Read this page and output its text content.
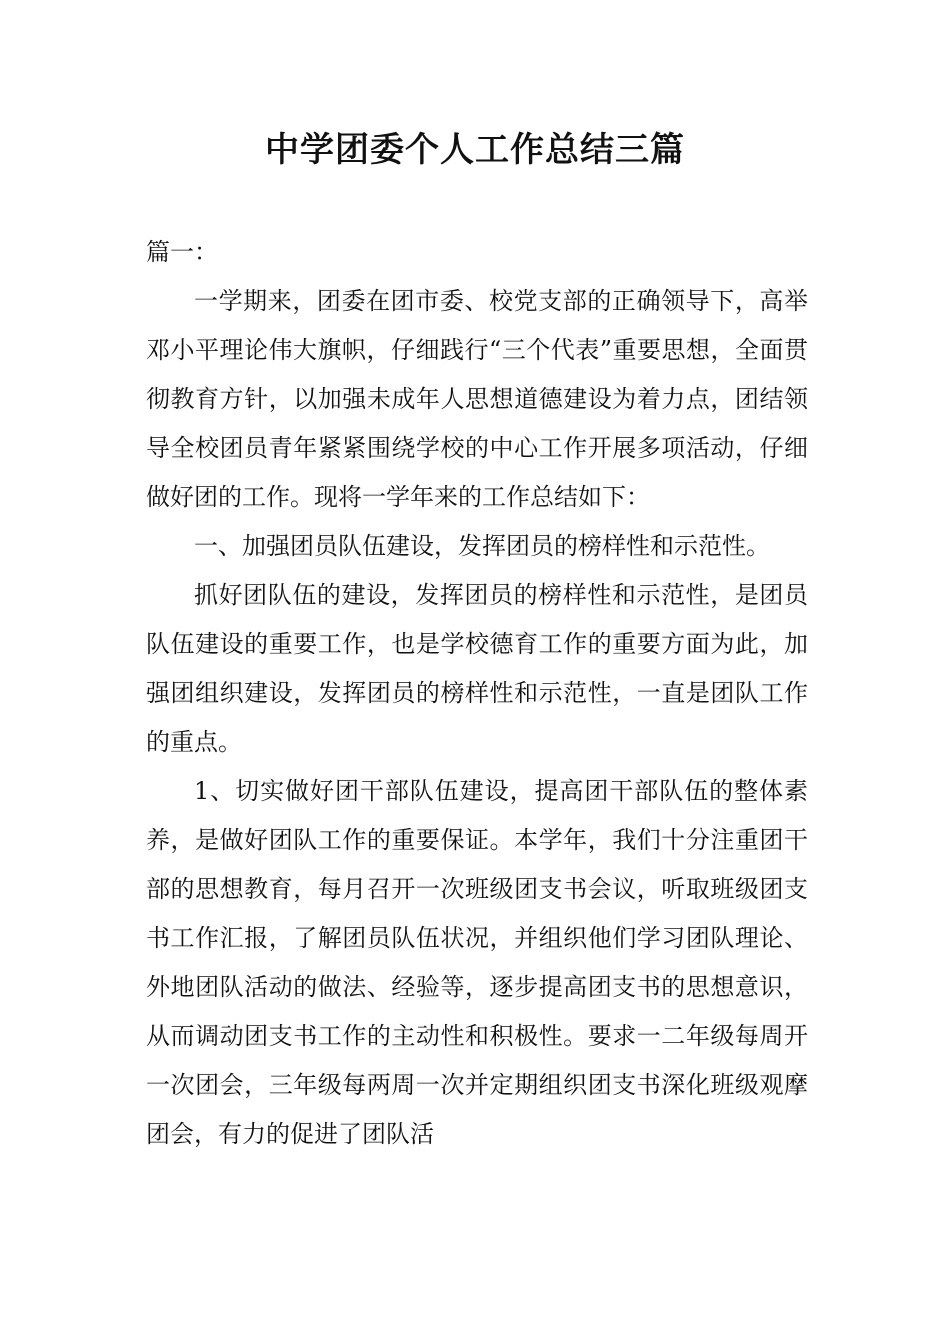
中学团委个人工作总结三篇

篇一：

一学期来，团委在团市委、校党支部的正确领导下，高举邓小平理论伟大旗帜，仔细践行“三个代表”重要思想，全面贯彻教育方针，以加强未成年人思想道德建设为着力点，团结领导全校团员青年紧紧围绕学校的中心工作开展多项活动，仔细做好团的工作。现将一学年来的工作总结如下：

一、加强团员队伍建设，发挥团员的榜样性和示范性。

抓好团队伍的建设，发挥团员的榜样性和示范性，是团员队伍建设的重要工作，也是学校德育工作的重要方面为此，加强团组织建设，发挥团员的榜样性和示范性，一直是团队工作的重点。

1、切实做好团干部队伍建设，提高团干部队伍的整体素养，是做好团队工作的重要保证。本学年，我们十分注重团干部的思想教育，每月召开一次班级团支书会议，听取班级团支书工作汇报，了解团员队伍状况，并组织他们学习团队理论、外地团队活动的做法、经验等，逐步提高团支书的思想意识，从而调动团支书工作的主动性和积极性。要求一二年级每周开一次团会，三年级每两周一次并定期组织团支书深化班级观摩团会，有力的促进了团队活
